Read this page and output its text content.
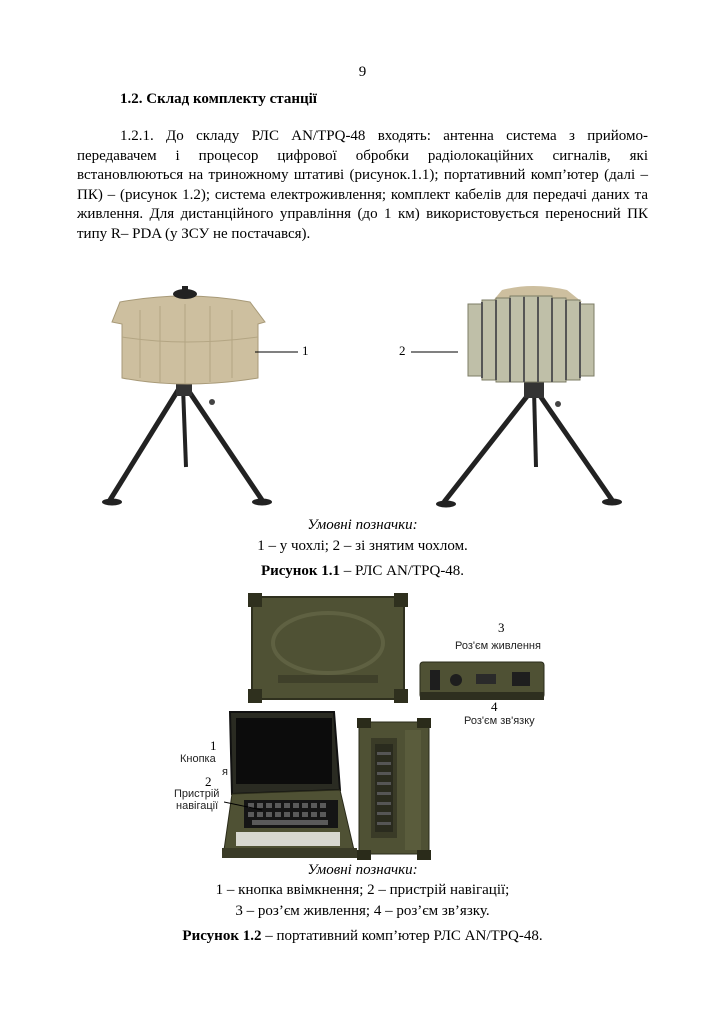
9
1.2. Склад комплекту станції
1.2.1. До складу РЛС AN/TPQ-48 входять: антенна система з прийомо-передавачем і процесор цифрової обробки радіолокаційних сигналів, які встановлюються на триножному штативі (рисунок.1.1); портативний комп’ютер (далі – ПК) – (рисунок 1.2); система електроживлення; комплект кабелів для передачі даних та живлення. Для дистанційного управління (до 1 км) використовується переносний ПК типу R– PDA (у ЗСУ не постачався).
1	2
Умовні позначки:
1 – у чохлі; 2 – зі знятим чохлом.
Рисунок 1.1 – РЛС AN/TPQ-48.
3
Роз'єм живлення
4
Роз'єм зв'язку
1
Кнопка
я
2
Пристрій
навігації
Умовні позначки:
1 – кнопка ввімкнення; 2 – пристрій навігації;
3 – роз’єм живлення; 4 – роз’єм зв’язку.
Рисунок 1.2 – портативний комп’ютер РЛС AN/TPQ-48.
